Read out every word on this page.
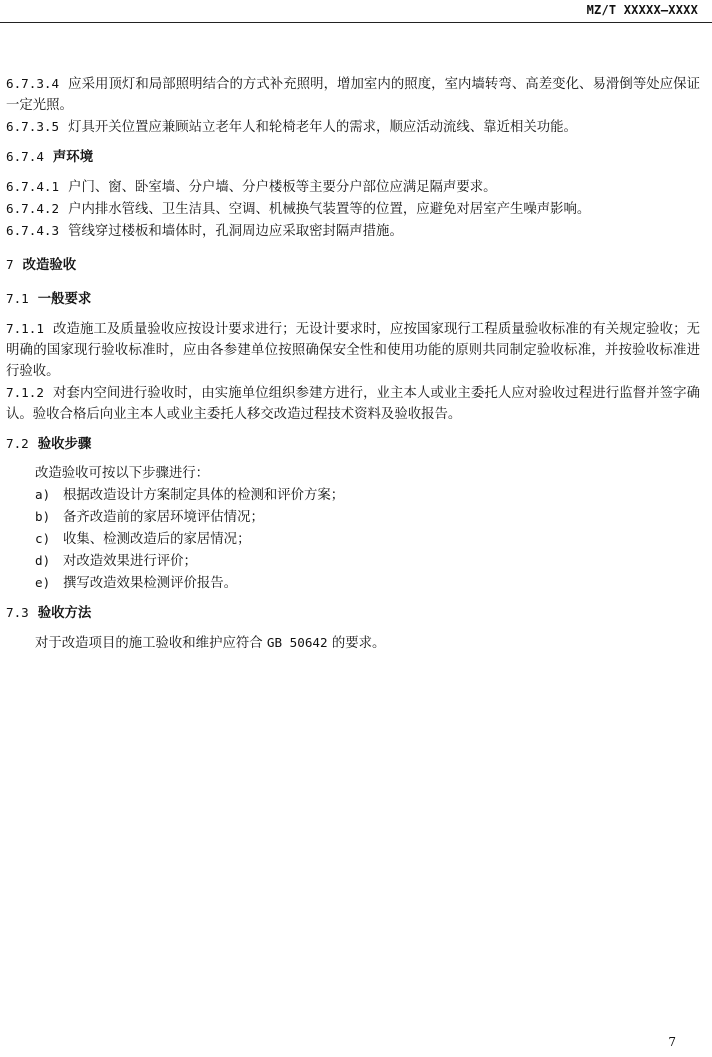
MZ/T XXXXX—XXXX

6.7.3.4 应采用顶灯和局部照明结合的方式补充照明，增加室内的照度，室内墙转弯、高差变化、易滑倒等处应保证一定光照。

6.7.3.5 灯具开关位置应兼顾站立老年人和轮椅老年人的需求，顺应活动流线、靠近相关功能。

6.7.4 声环境

6.7.4.1 户门、窗、卧室墙、分户墙、分户楼板等主要分户部位应满足隔声要求。

6.7.4.2 户内排水管线、卫生洁具、空调、机械换气装置等的位置，应避免对居室产生噪声影响。

6.7.4.3 管线穿过楼板和墙体时，孔洞周边应采取密封隔声措施。

7 改造验收

7.1 一般要求

7.1.1 改造施工及质量验收应按设计要求进行；无设计要求时，应按国家现行工程质量验收标准的有关规定验收；无明确的国家现行验收标准时，应由各参建单位按照确保安全性和使用功能的原则共同制定验收标准，并按验收标准进行验收。

7.1.2 对套内空间进行验收时，由实施单位组织参建方进行，业主本人或业主委托人应对验收过程进行监督并签字确认。验收合格后向业主本人或业主委托人移交改造过程技术资料及验收报告。

7.2 验收步骤

改造验收可按以下步骤进行：

a) 根据改造设计方案制定具体的检测和评价方案；
b) 备齐改造前的家居环境评估情况；
c) 收集、检测改造后的家居情况；
d) 对改造效果进行评价；
e) 撰写改造效果检测评价报告。

7.3 验收方法

对于改造项目的施工验收和维护应符合 GB 50642 的要求。

7
